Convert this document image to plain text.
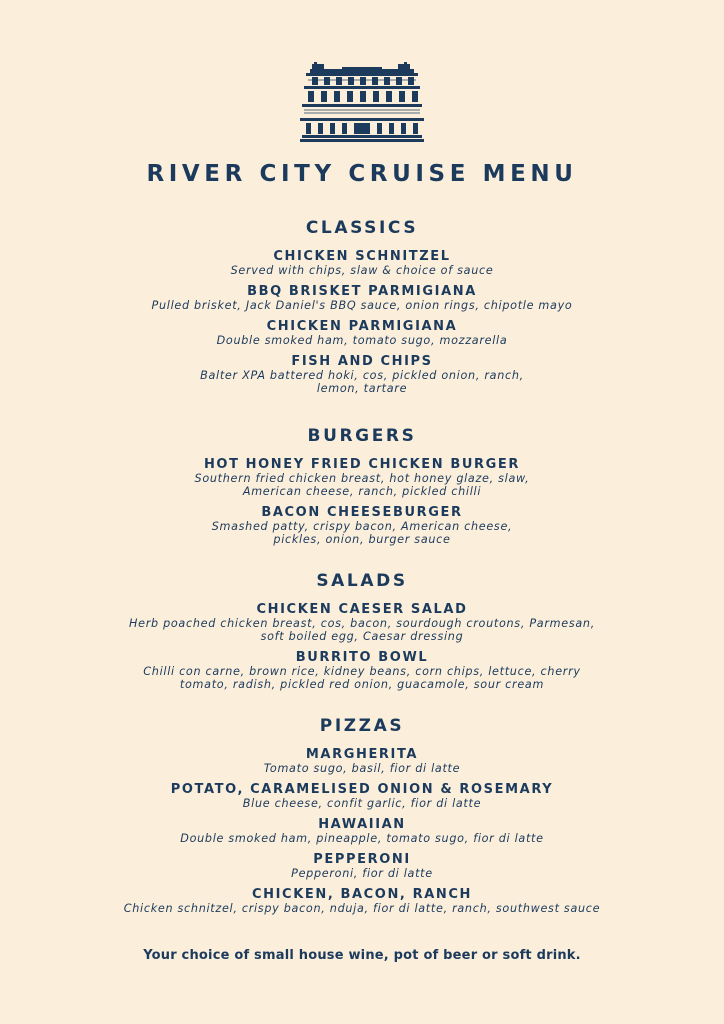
RIVER CITY CRUISE MENU
CLASSICS

CHICKEN SCHNITZEL

Served with chips, slaw & choice of sauce

BBQ BRISKET PARMIGIANA

Pulled brisket, Jack Daniel's BBQ sauce, onion rings, chipotle mayo

CHICKEN PARMIGIANA

Double smoked ham, tomato sugo, mozzarella

FISH AND CHIPS

Balter XPA battered hoki, cos, pickled onion, ranch,
lemon, tartare

BURGERS

HOT HONEY FRIED CHICKEN BURGER

Southern fried chicken breast, hot honey glaze, slaw,
American cheese, ranch, pickled chilli

BACON CHEESEBURGER

Smashed patty, crispy bacon, American cheese,
pickles, onion, burger sauce

SALADS

CHICKEN CAESER SALAD

Herb poached chicken breast, cos, bacon, sourdough croutons, Parmesan,
soft boiled egg, Caesar dressing

BURRITO BOWL

Chilli con carne, brown rice, kidney beans, corn chips, lettuce, cherry
tomato, radish, pickled red onion, guacamole, sour cream

PIZZAS

MARGHERITA

Tomato sugo, basil, fior di latte

POTATO, CARAMELISED ONION & ROSEMARY

Blue cheese, confit garlic, fior di latte

HAWAIIAN

Double smoked ham, pineapple, tomato sugo, fior di latte

PEPPERONI

Pepperoni, fior di latte

CHICKEN, BACON, RANCH

Chicken schnitzel, crispy bacon, nduja, fior di latte, ranch, southwest sauce

Your choice of small house wine, pot of beer or soft drink.
